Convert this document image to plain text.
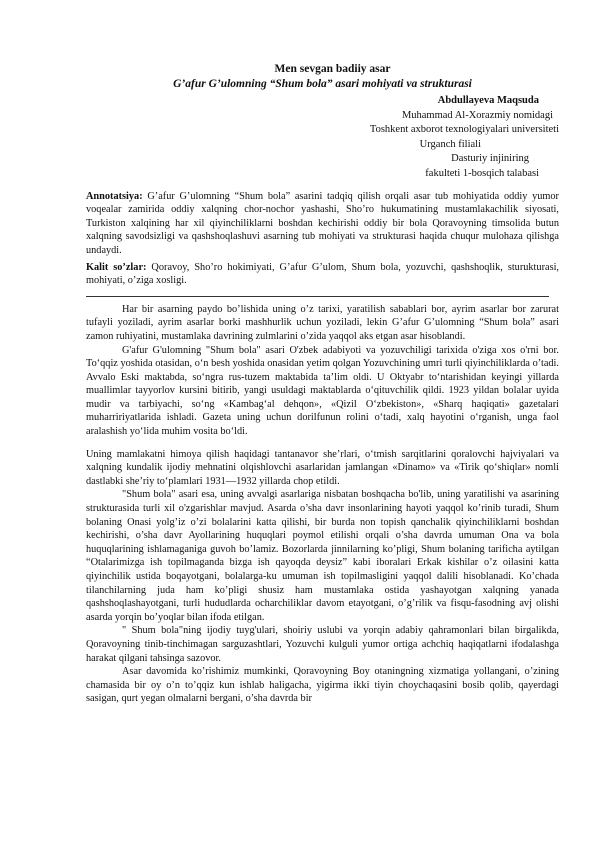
Men sevgan badiiy asar
G’afur G’ulomning “Shum bola” asari mohiyati va strukturasi
Abdullayeva Maqsuda
Muhammad Al-Xorazmiy nomidagi
Toshkent axborot texnologiyalari universiteti
Urganch filiali
Dasturiy injiniring
fakulteti 1-bosqich talabasi

Annotatsiya: G’afur G’ulomning “Shum bola” asarini tadqiq qilish orqali asar tub mohiyatida oddiy yumor voqealar zamirida oddiy xalqning chor-nochor yashashi, Sho’ro hukumatining mustamlakachilik siyosati, Turkiston xalqining har xil qiyinchiliklarni boshdan kechirishi oddiy bir bola Qoravoyning timsolida butun xalqning savodsizligi va qashshoqlashuvi asarning tub mohiyati va strukturasi haqida chuqur mulohaza qilishga undaydi.

Kalit so’zlar: Qoravoy, Sho’ro hokimiyati, G’afur G’ulom, Shum bola, yozuvchi, qashshoqlik, sturukturasi, mohiyati, o’ziga xosligi.

Har bir asarning paydo bo’lishida uning o’z tarixi, yaratilish sabablari bor, ayrim asarlar bor zarurat tufayli yoziladi, ayrim asarlar borki mashhurlik uchun yoziladi, lekin G’afur G’ulomning “Shum bola” asari zamon ruhiyatini, mustamlaka davrining zulmlarini o’zida yaqqol aks etgan asar hisoblandi.

G'afur G'ulomning "Shum bola" asari O'zbek adabiyoti va yozuvchiligi tarixida o'ziga xos o'rni bor. To‘qqiz yoshida otasidan, o‘n besh yoshida onasidan yetim qolgan Yozuvchining umri turli qiyinchiliklarda o’tadi. Avvalo Eski maktabda, so‘ngra rus-tuzem maktabida ta’lim oldi. U Oktyabr to‘ntarishidan keyingi yillarda muallimlar tayyorlov kursini bitirib, yangi usuldagi maktablarda o‘qituvchilik qildi. 1923 yildan bolalar uyida mudir va tarbiyachi, so‘ng «Kambag‘al dehqon», «Qizil O‘zbekiston», «Sharq haqiqati» gazetalari muharririyatlarida ishladi. Gazeta uning uchun dorilfunun rolini o‘tadi, xalq hayotini o‘rganish, unga faol aralashish yo‘lida muhim vosita bo‘ldi.

Uning mamlakatni himoya qilish haqidagi tantanavor she’rlari, o‘tmish sarqitlarini qoralovchi hajviyalari va xalqning kundalik ijodiy mehnatini olqishlovchi asarlaridan jamlangan «Dinamo» va «Tirik qo‘shiqlar» nomli dastlabki she’riy to‘plamlari 1931—1932 yillarda chop etildi.

"Shum bola" asari esa, uning avvalgi asarlariga nisbatan boshqacha bo'lib, uning yaratilishi va asarining strukturasida turli xil o'zgarishlar mavjud. Asarda o’sha davr insonlarining hayoti yaqqol ko’rinib turadi, Shum bolaning Onasi yolg’iz o’zi bolalarini katta qilishi, bir burda non topish qanchalik qiyinchiliklarni boshdan kechirishi, o’sha davr Ayollarining huquqlari poymol etilishi orqali o’sha davrda umuman Ona va bola huquqlarining ishlamaganiga guvoh bo’lamiz. Bozorlarda jinnilarning ko’pligi, Shum bolaning tarificha aytilgan “Otalarimizga ish topilmaganda bizga ish qayoqda deysiz” kabi iboralari Erkak kishilar o’z oilasini katta qiyinchilik ustida boqayotgani, bolalarga-ku umuman ish topilmasligini yaqqol dalili hisoblanadi. Ko’chada tilanchilarning juda ham ko’pligi shusiz ham mustamlaka ostida yashayotgan xalqning yanada qashshoqlashayotgani, turli hududlarda ocharchiliklar davom etayotgani, o’g’rilik va fisqu-fasodning avj olishi asarda yorqin bo’yoqlar bilan ifoda etilgan.

" Shum bola"ning ijodiy tuyg'ulari, shoiriy uslubi va yorqin adabiy qahramonlari bilan birgalikda, Qoravoyning tinib-tinchimagan sarguzashtlari, Yozuvchi kulguli yumor ortiga achchiq haqiqatlarni ifodalashga harakat qilgani tahsinga sazovor.

Asar davomida ko’rishimiz mumkinki, Qoravoyning Boy otaningning xizmatiga yollangani, o’zining chamasida bir oy o’n to’qqiz kun ishlab haligacha, yigirma ikki tiyin choychaqasini bosib qolib, qayerdagi sasigan, qurt yegan olmalarni bergani, o’sha davrda bir
